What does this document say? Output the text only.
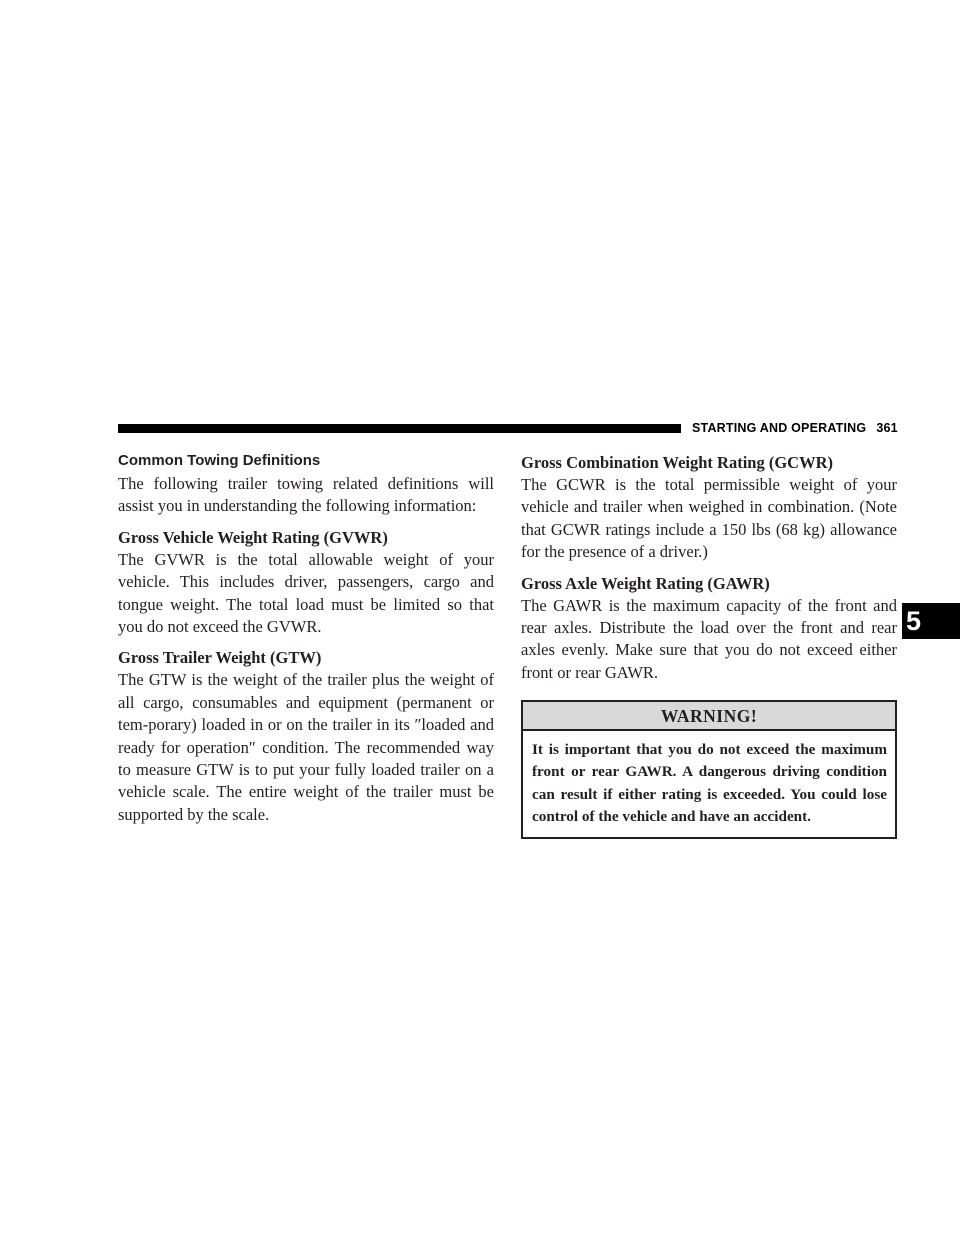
STARTING AND OPERATING 361
Common Towing Definitions

The following trailer towing related definitions will assist you in understanding the following information:

Gross Vehicle Weight Rating (GVWR)

The GVWR is the total allowable weight of your vehicle. This includes driver, passengers, cargo and tongue weight. The total load must be limited so that you do not exceed the GVWR.

Gross Trailer Weight (GTW)

The GTW is the weight of the trailer plus the weight of all cargo, consumables and equipment (permanent or tem-porary) loaded in or on the trailer in its ″loaded and ready for operation″ condition. The recommended way to measure GTW is to put your fully loaded trailer on a vehicle scale. The entire weight of the trailer must be supported by the scale.

Gross Combination Weight Rating (GCWR)

The GCWR is the total permissible weight of your vehicle and trailer when weighed in combination. (Note that GCWR ratings include a 150 lbs (68 kg) allowance for the presence of a driver.)

Gross Axle Weight Rating (GAWR)

The GAWR is the maximum capacity of the front and rear axles. Distribute the load over the front and rear axles evenly. Make sure that you do not exceed either front or rear GAWR.

WARNING!
It is important that you do not exceed the maximum front or rear GAWR. A dangerous driving condition can result if either rating is exceeded. You could lose control of the vehicle and have an accident.
5
